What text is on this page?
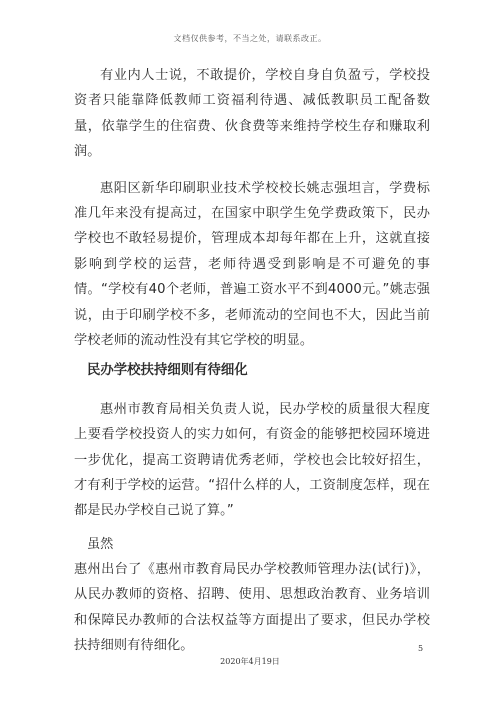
文档仅供参考，不当之处，请联系改正。

有业内人士说，不敢提价，学校自身自负盈亏，学校投资者只能靠降低教师工资福利待遇、减低教职员工配备数量，依靠学生的住宿费、伙食费等来维持学校生存和赚取利润。

惠阳区新华印刷职业技术学校校长姚志强坦言，学费标准几年来没有提高过，在国家中职学生免学费政策下，民办学校也不敢轻易提价，管理成本却每年都在上升，这就直接影响到学校的运营，老师待遇受到影响是不可避免的事情。“学校有40个老师，普遍工资水平不到4000元。”姚志强说，由于印刷学校不多，老师流动的空间也不大，因此当前学校老师的流动性没有其它学校的明显。

民办学校扶持细则有待细化

惠州市教育局相关负责人说，民办学校的质量很大程度上要看学校投资人的实力如何，有资金的能够把校园环境进一步优化，提高工资聘请优秀老师，学校也会比较好招生，才有利于学校的运营。“招什么样的人，工资制度怎样，现在都是民办学校自己说了算。”

虽然

惠州出台了《惠州市教育局民办学校教师管理办法(试行)》，从民办教师的资格、招聘、使用、思想政治教育、业务培训和保障民办教师的合法权益等方面提出了要求，但民办学校扶持细则有待细化。	5
2020年4月19日
